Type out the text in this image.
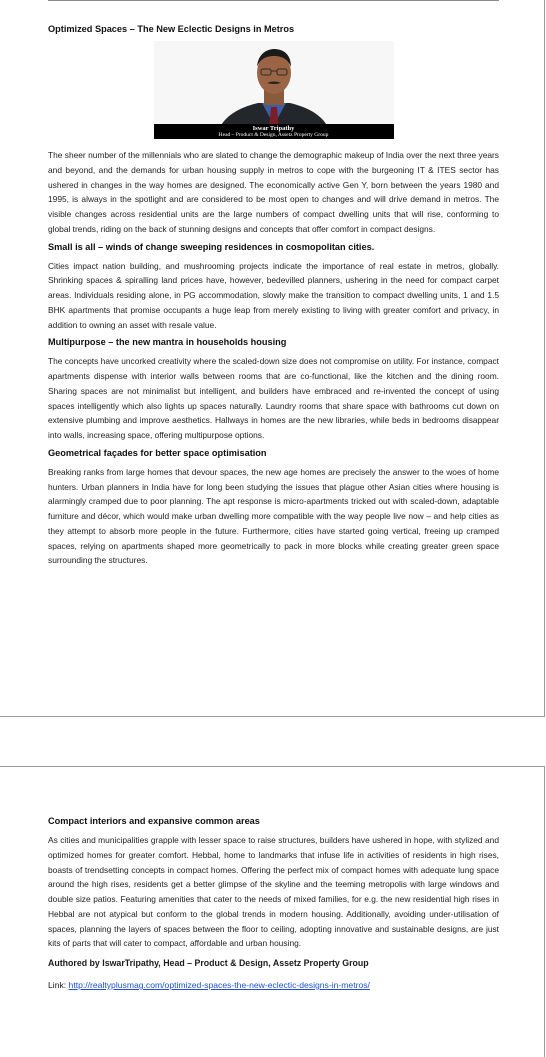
Optimized Spaces – The New Eclectic Designs in Metros
Iswar Tripathy
Head – Product & Design, Assetz Property Group

The sheer number of the millennials who are slated to change the demographic makeup of India over the next three years and beyond, and the demands for urban housing supply in metros to cope with the burgeoning IT & ITES sector has ushered in changes in the way homes are designed. The economically active Gen Y, born between the years 1980 and 1995, is always in the spotlight and are considered to be most open to changes and will drive demand in metros. The visible changes across residential units are the large numbers of compact dwelling units that will rise, conforming to global trends, riding on the back of stunning designs and concepts that offer comfort in compact designs.

Small is all – winds of change sweeping residences in cosmopolitan cities.

Cities impact nation building, and mushrooming projects indicate the importance of real estate in metros, globally. Shrinking spaces & spiralling land prices have, however, bedevilled planners, ushering in the need for compact carpet areas. Individuals residing alone, in PG accommodation, slowly make the transition to compact dwelling units, 1 and 1.5 BHK apartments that promise occupants a huge leap from merely existing to living with greater comfort and privacy, in addition to owning an asset with resale value.

Multipurpose – the new mantra in households housing

The concepts have uncorked creativity where the scaled-down size does not compromise on utility. For instance, compact apartments dispense with interior walls between rooms that are co-functional, like the kitchen and the dining room. Sharing spaces are not minimalist but intelligent, and builders have embraced and re-invented the concept of using spaces intelligently which also lights up spaces naturally. Laundry rooms that share space with bathrooms cut down on extensive plumbing and improve aesthetics. Hallways in homes are the new libraries, while beds in bedrooms disappear into walls, increasing space, offering multipurpose options.

Geometrical façades for better space optimisation

Breaking ranks from large homes that devour spaces, the new age homes are precisely the answer to the woes of home hunters. Urban planners in India have for long been studying the issues that plague other Asian cities where housing is alarmingly cramped due to poor planning. The apt response is micro-apartments tricked out with scaled-down, adaptable furniture and décor, which would make urban dwelling more compatible with the way people live now – and help cities as they attempt to absorb more people in the future. Furthermore, cities have started going vertical, freeing up cramped spaces, relying on apartments shaped more geometrically to pack in more blocks while creating greater green space surrounding the structures.

Compact interiors and expansive common areas

As cities and municipalities grapple with lesser space to raise structures, builders have ushered in hope, with stylized and optimized homes for greater comfort. Hebbal, home to landmarks that infuse life in activities of residents in high rises, boasts of trendsetting concepts in compact homes. Offering the perfect mix of compact homes with adequate lung space around the high rises, residents get a better glimpse of the skyline and the teeming metropolis with large windows and double size patios. Featuring amenities that cater to the needs of mixed families, for e.g. the new residential high rises in Hebbal are not atypical but conform to the global trends in modern housing. Additionally, avoiding under-utilisation of spaces, planning the layers of spaces between the floor to ceiling, adopting innovative and sustainable designs, are just kits of parts that will cater to compact, affordable and urban housing.

Authored by IswarTripathy, Head – Product & Design, Assetz Property Group
Link: http://realtyplusmag.com/optimized-spaces-the-new-eclectic-designs-in-metros/
